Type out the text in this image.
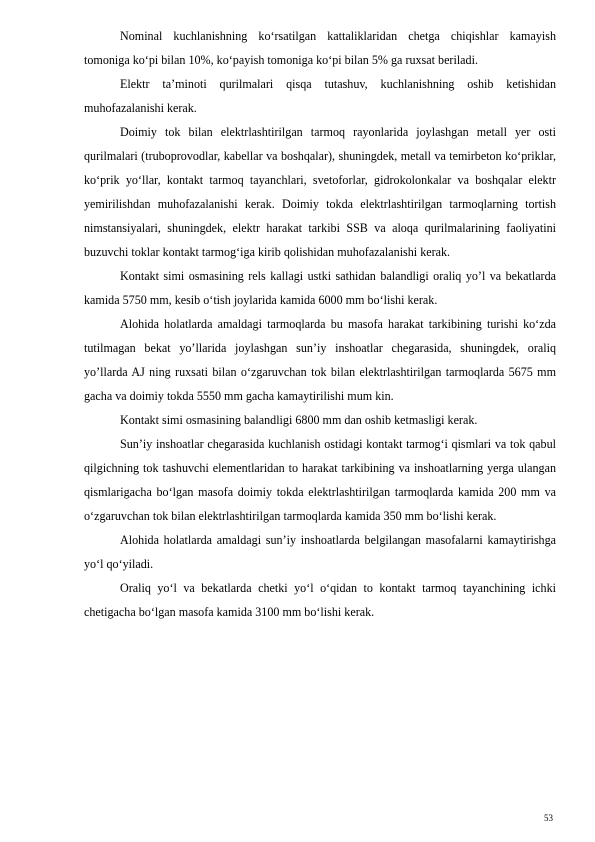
Nominal kuchlanishning ko‘rsatilgan kattaliklaridan chetga chiqishlar kamayish tomoniga ko‘pi bilan 10%, ko‘payish tomoniga ko‘pi bilan 5% ga ruxsat beriladi.

Elektr ta’minoti qurilmalari qisqa tutashuv, kuchlanishning oshib ketishidan muhofazalanishi kerak.

Doimiy tok bilan elektrlashtirilgan tarmoq rayonlarida joylashgan metall yer osti qurilmalari (truboprovodlar, kabellar va boshqalar), shuningdek, metall va temirbeton ko‘priklar, ko‘prik yo‘llar, kontakt tarmoq tayanchlari, svetoforlar, gidrokolonkalar va boshqalar elektr yemirilishdan muhofazalanishi kerak. Doimiy tokda elektrlashtirilgan tarmoqlarning tortish nimstansiyalari, shuningdek, elektr harakat tarkibi SSB va aloqa qurilmalarining faoliyatini buzuvchi toklar kontakt tarmog‘iga kirib qolishidan muhofazalanishi kerak.

Kontakt simi osmasining rels kallagi ustki sathidan balandligi oraliq yo’l va bekatlarda kamida 5750 mm, kesib o‘tish joylarida kamida 6000 mm bo‘lishi kerak.

Alohida holatlarda amaldagi tarmoqlarda bu masofa harakat tarkibining turishi ko‘zda tutilmagan bekat yo’llarida joylashgan sun’iy inshoatlar chegarasida, shuningdek, oraliq yo’llarda AJ ning ruxsati bilan o‘zgaruvchan tok bilan elektrlashtirilgan tarmoqlarda 5675 mm gacha va doimiy tokda 5550 mm gacha kamaytirilishi mum kin.

Kontakt simi osmasining balandligi 6800 mm dan oshib ketmasligi kerak.

Sun’iy inshoatlar chegarasida kuchlanish ostidagi kontakt tarmog‘i qismlari va tok qabul qilgichning tok tashuvchi elementlaridan to harakat tarkibining va inshoatlarning yerga ulangan qismlarigacha bo‘lgan masofa doimiy tokda elektrlashtirilgan tarmoqlarda kamida 200 mm va o‘zgaruvchan tok bilan elektrlashtirilgan tarmoqlarda kamida 350 mm bo‘lishi kerak.

Alohida holatlarda amaldagi sun’iy inshoatlarda belgilangan masofalarni kamaytirishga yo‘l qo‘yiladi.

Oraliq yo‘l va bekatlarda chetki yo‘l o‘qidan to kontakt tarmoq tayanchining ichki chetigacha bo‘lgan masofa kamida 3100 mm bo‘lishi kerak.

53
